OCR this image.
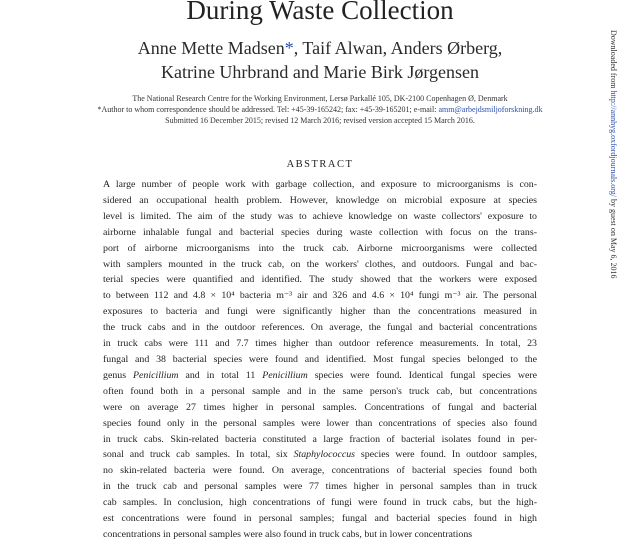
During Waste Collection
Anne Mette Madsen*, Taif Alwan, Anders Ørberg,
Katrine Uhrbrand and Marie Birk Jørgensen
The National Research Centre for the Working Environment, Lersø Parkallé 105, DK-2100 Copenhagen Ø, Denmark
*Author to whom correspondence should be addressed. Tel: +45-39-165242; fax: +45-39-165201; e-mail: amm@arbejdsmiljoforskning.dk
Submitted 16 December 2015; revised 12 March 2016; revised version accepted 15 March 2016.
ABSTRACT
A large number of people work with garbage collection, and exposure to microorganisms is con-
sidered an occupational health problem. However, knowledge on microbial exposure at species
level is limited. The aim of the study was to achieve knowledge on waste collectors' exposure to
airborne inhalable fungal and bacterial species during waste collection with focus on the trans-
port of airborne microorganisms into the truck cab. Airborne microorganisms were collected
with samplers mounted in the truck cab, on the workers' clothes, and outdoors. Fungal and bac-
terial species were quantified and identified. The study showed that the workers were exposed
to between 112 and 4.8 × 10⁴ bacteria m⁻³ air and 326 and 4.6 × 10⁴ fungi m⁻³ air. The personal
exposures to bacteria and fungi were significantly higher than the concentrations measured in
the truck cabs and in the outdoor references. On average, the fungal and bacterial concentrations
in truck cabs were 111 and 7.7 times higher than outdoor reference measurements. In total, 23
fungal and 38 bacterial species were found and identified. Most fungal species belonged to the
genus Penicillium and in total 11 Penicillium species were found. Identical fungal species were
often found both in a personal sample and in the same person's truck cab, but concentrations
were on average 27 times higher in personal samples. Concentrations of fungal and bacterial
species found only in the personal samples were lower than concentrations of species also found
in truck cabs. Skin-related bacteria constituted a large fraction of bacterial isolates found in per-
sonal and truck cab samples. In total, six Staphylococcus species were found. In outdoor samples,
no skin-related bacteria were found. On average, concentrations of bacterial species found both
in the truck cab and personal samples were 77 times higher in personal samples than in truck
cab samples. In conclusion, high concentrations of fungi were found in truck cabs, but the high-
est concentrations were found in personal samples; fungal and bacterial species found in high
concentrations in personal samples were also found in truck cabs, but in lower concentrations
Downloaded from http://annhyg.oxfordjournals.org/ by guest on May 6, 2016
